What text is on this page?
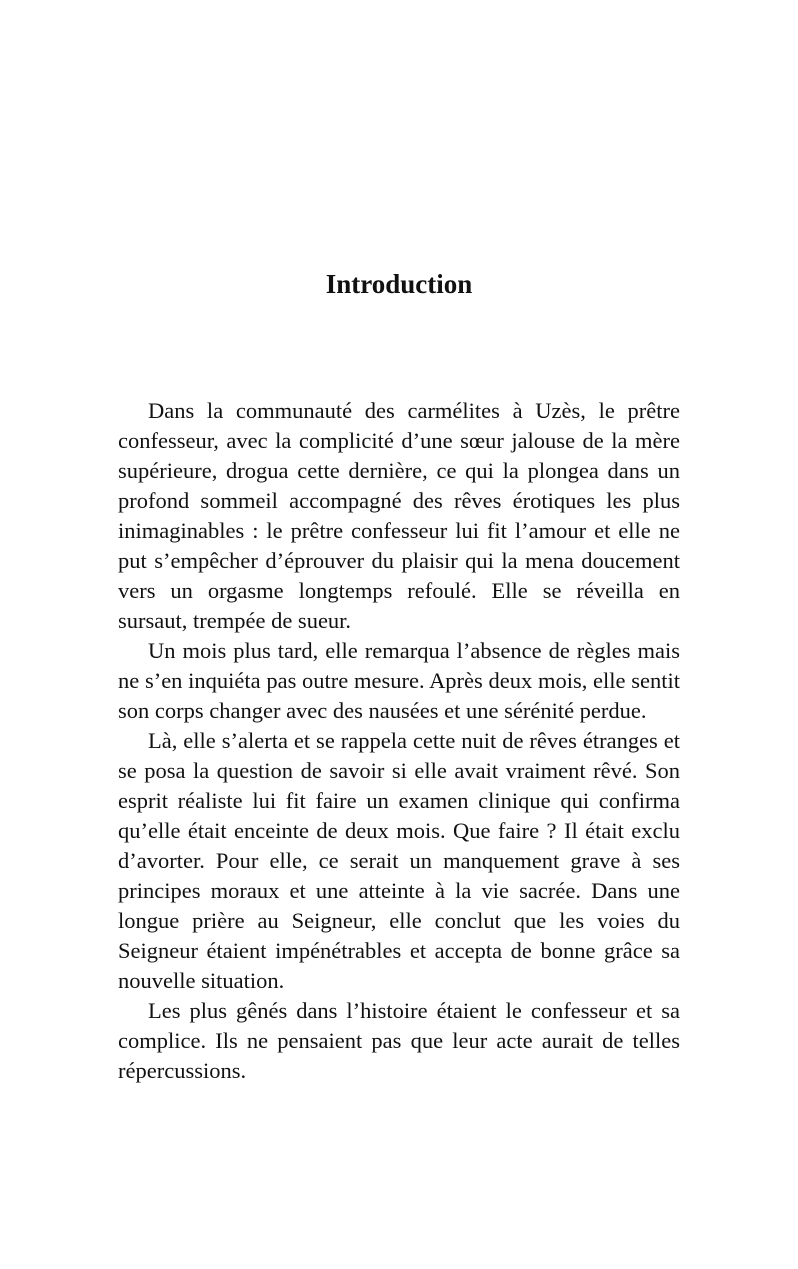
Introduction

Dans la communauté des carmélites à Uzès, le prêtre confesseur, avec la complicité d’une sœur jalouse de la mère supérieure, drogua cette dernière, ce qui la plongea dans un profond sommeil accompagné des rêves érotiques les plus inimaginables : le prêtre confesseur lui fit l’amour et elle ne put s’empêcher d’éprouver du plaisir qui la mena doucement vers un orgasme longtemps refoulé. Elle se réveilla en sursaut, trempée de sueur.

Un mois plus tard, elle remarqua l’absence de règles mais ne s’en inquiéta pas outre mesure. Après deux mois, elle sentit son corps changer avec des nausées et une sérénité perdue.

Là, elle s’alerta et se rappela cette nuit de rêves étranges et se posa la question de savoir si elle avait vraiment rêvé. Son esprit réaliste lui fit faire un examen clinique qui confirma qu’elle était enceinte de deux mois. Que faire ? Il était exclu d’avorter. Pour elle, ce serait un manquement grave à ses principes moraux et une atteinte à la vie sacrée. Dans une longue prière au Seigneur, elle conclut que les voies du Seigneur étaient impénétrables et accepta de bonne grâce sa nouvelle situation.

Les plus gênés dans l’histoire étaient le confesseur et sa complice. Ils ne pensaient pas que leur acte aurait de telles répercussions.
